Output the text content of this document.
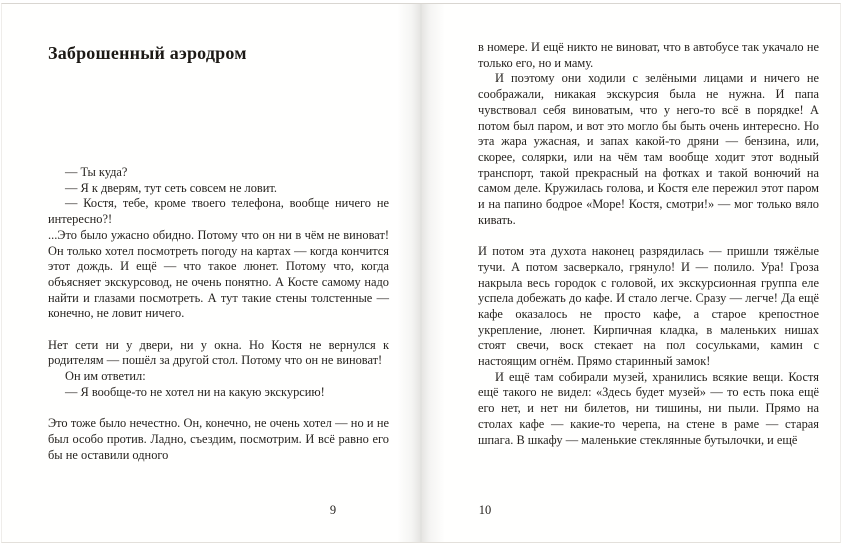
Заброшенный аэродром

— Ты куда?

— Я к дверям, тут сеть совсем не ловит.

— Костя, тебе, кроме твоего телефона, вообще ничего не интересно?!

...Это было ужасно обидно. Потому что он ни в чём не виноват! Он только хотел посмотреть погоду на картах — когда кончится этот дождь. И ещё — что такое люнет. Потому что, когда объясняет экскурсовод, не очень понятно. А Косте самому надо найти и глазами посмотреть. А тут такие стены толстенные — конечно, не ловит ничего.

Нет сети ни у двери, ни у окна. Но Костя не вернулся к родителям — пошёл за другой стол. Потому что он не виноват!

Он им ответил:

— Я вообще-то не хотел ни на какую экскурсию!

Это тоже было нечестно. Он, конечно, не очень хотел — но и не был особо против. Ладно, съездим, посмотрим. И всё равно его бы не оставили одного

9

в номере. И ещё никто не виноват, что в автобусе так укачало не только его, но и маму.

И поэтому они ходили с зелёными лицами и ничего не соображали, никакая экскурсия была не нужна. И папа чувствовал себя виноватым, что у него-то всё в порядке! А потом был паром, и вот это могло бы быть очень интересно. Но эта жара ужасная, и запах какой-то дряни — бензина, или, скорее, солярки, или на чём там вообще ходит этот водный транспорт, такой прекрасный на фотках и такой вонючий на самом деле. Кружилась голова, и Костя еле пережил этот паром и на папино бодрое «Море! Костя, смотри!» — мог только вяло кивать.

И потом эта духота наконец разрядилась — пришли тяжёлые тучи. А потом засверкало, грянуло! И — полило. Ура! Гроза накрыла весь городок с головой, их экскурсионная группа еле успела добежать до кафе. И стало легче. Сразу — легче! Да ещё кафе оказалось не просто кафе, а старое крепостное укрепление, люнет. Кирпичная кладка, в маленьких нишах стоят свечи, воск стекает на пол сосульками, камин с настоящим огнём. Прямо старинный замок!

И ещё там собирали музей, хранились всякие вещи. Костя ещё такого не видел: «Здесь будет музей» — то есть пока ещё его нет, и нет ни билетов, ни тишины, ни пыли. Прямо на столах кафе — какие-то черепа, на стене в раме — старая шпага. В шкафу — маленькие стеклянные бутылочки, и ещё

10
